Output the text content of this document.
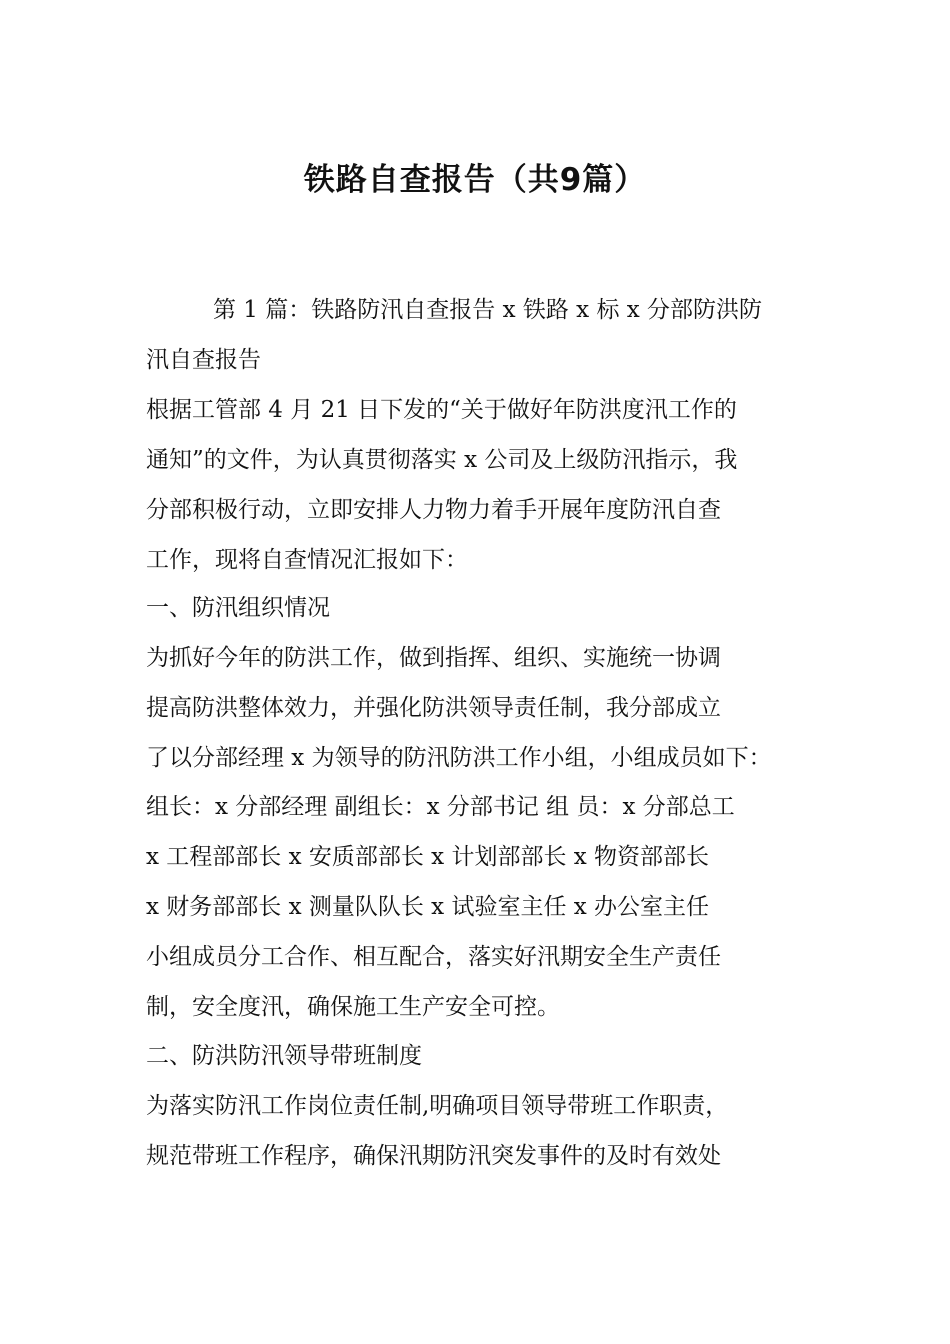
铁路自查报告（共9篇）

第 1 篇：铁路防汛自查报告 x 铁路 x 标 x 分部防洪防

汛自查报告

根据工管部 4 月 21 日下发的“关于做好年防洪度汛工作的

通知”的文件，为认真贯彻落实 x 公司及上级防汛指示，我

分部积极行动，立即安排人力物力着手开展年度防汛自查

工作，现将自查情况汇报如下：

一、防汛组织情况

为抓好今年的防洪工作，做到指挥、组织、实施统一协调

提高防洪整体效力，并强化防洪领导责任制，我分部成立

了以分部经理 x 为领导的防汛防洪工作小组，小组成员如下：

组长：x 分部经理 副组长：x 分部书记 组 员：x 分部总工

x 工程部部长 x 安质部部长 x 计划部部长 x 物资部部长

x 财务部部长 x 测量队队长 x 试验室主任 x 办公室主任

小组成员分工合作、相互配合，落实好汛期安全生产责任

制，安全度汛，确保施工生产安全可控。

二、防洪防汛领导带班制度

为落实防汛工作岗位责任制,明确项目领导带班工作职责，

规范带班工作程序，确保汛期防汛突发事件的及时有效处
